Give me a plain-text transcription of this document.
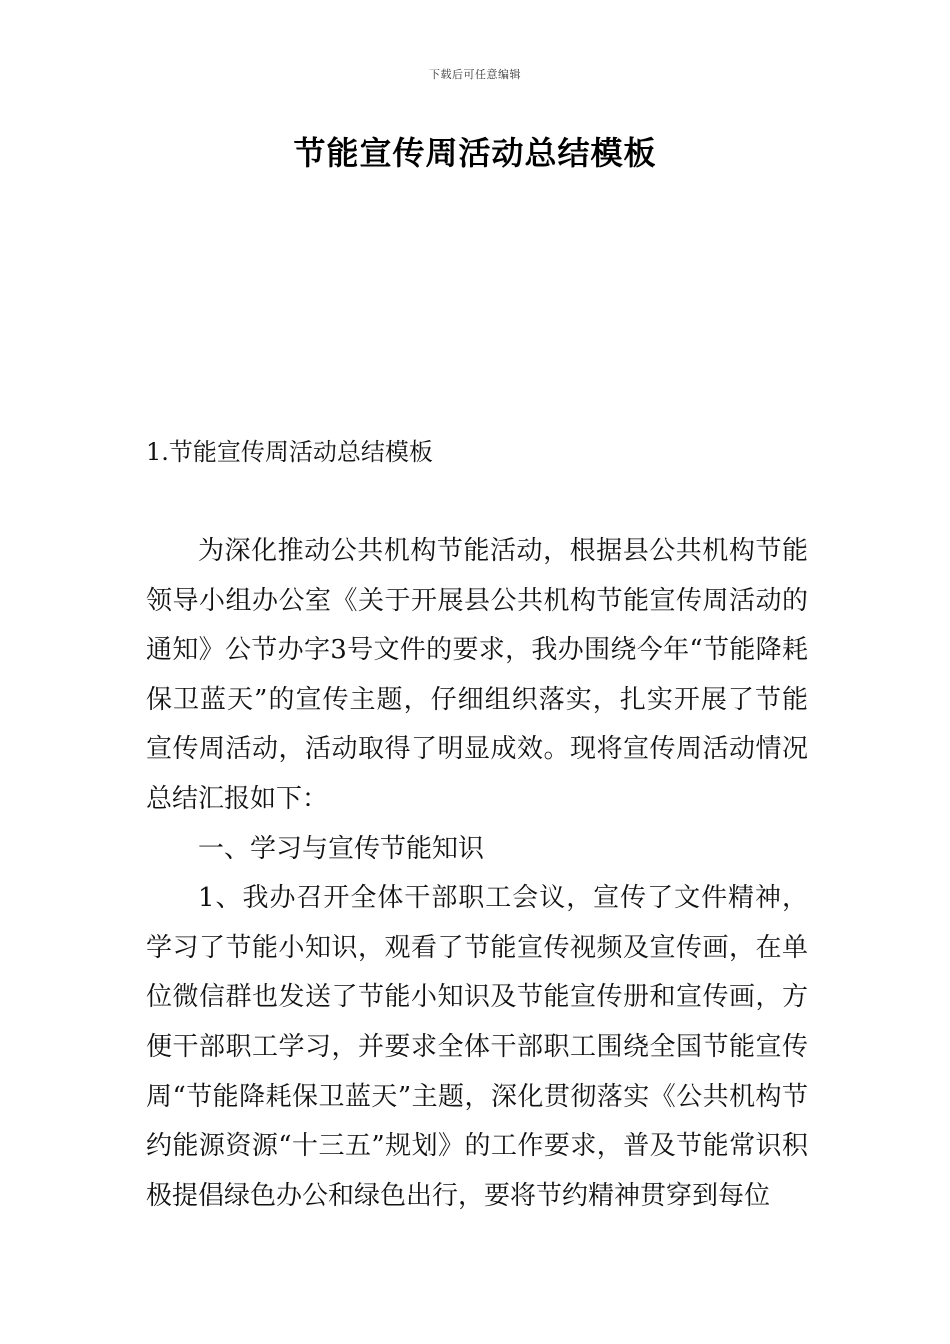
下载后可任意编辑
节能宣传周活动总结模板
1.节能宣传周活动总结模板

为深化推动公共机构节能活动，根据县公共机构节能领导小组办公室《关于开展县公共机构节能宣传周活动的通知》公节办字3号文件的要求，我办围绕今年“节能降耗保卫蓝天”的宣传主题，仔细组织落实，扎实开展了节能宣传周活动，活动取得了明显成效。现将宣传周活动情况总结汇报如下：

一、学习与宣传节能知识

1、我办召开全体干部职工会议，宣传了文件精神，学习了节能小知识，观看了节能宣传视频及宣传画，在单位微信群也发送了节能小知识及节能宣传册和宣传画，方便干部职工学习，并要求全体干部职工围绕全国节能宣传周“节能降耗保卫蓝天”主题，深化贯彻落实《公共机构节约能源资源“十三五”规划》的工作要求，普及节能常识积极提倡绿色办公和绿色出行，要将节约精神贯穿到每位
